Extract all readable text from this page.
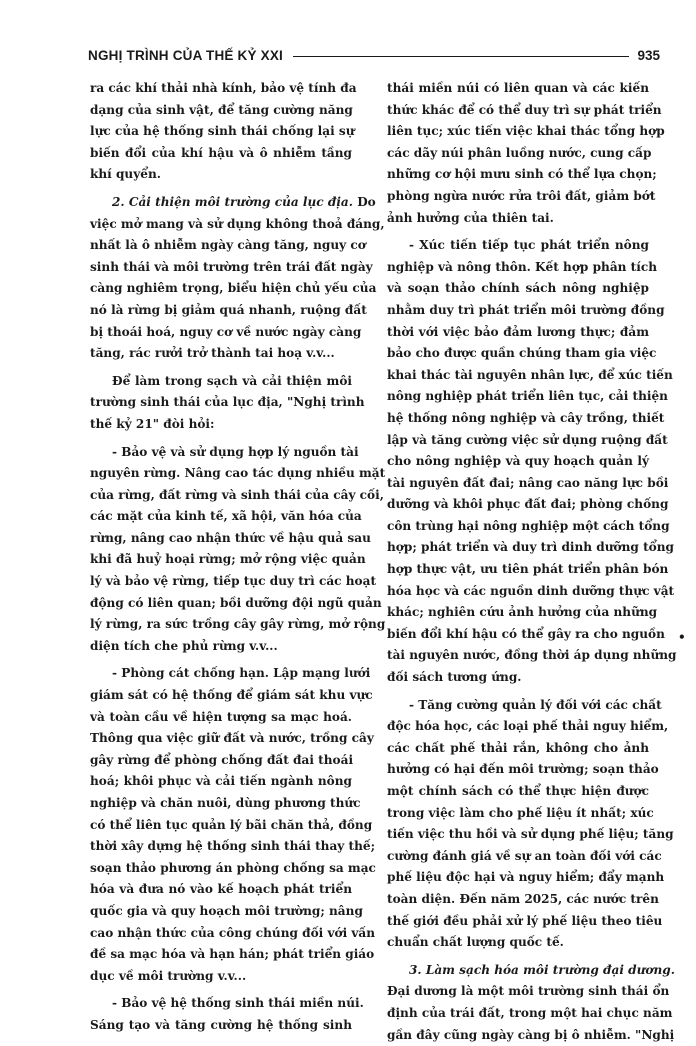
NGHỊ TRÌNH CỦA THẾ KỶ XXI	935
ra các khí thải nhà kính, bảo vệ tính đa
dạng của sinh vật, để tăng cường năng
lực của hệ thống sinh thái chống lại sự
biến đổi của khí hậu và ô nhiễm tầng
khí quyển.
2. Cải thiện môi trường của lục địa. Do
việc mở mang và sử dụng không thoả đáng,
nhất là ô nhiễm ngày càng tăng, nguy cơ
sinh thái và môi trường trên trái đất ngày
càng nghiêm trọng, biểu hiện chủ yếu của
nó là rừng bị giảm quá nhanh, ruộng đất
bị thoái hoá, nguy cơ về nước ngày càng
tăng, rác rưởi trở thành tai hoạ v.v...
Để làm trong sạch và cải thiện môi
trường sinh thái của lục địa, "Nghị trình
thế kỷ 21" đòi hỏi:
- Bảo vệ và sử dụng hợp lý nguồn tài
nguyên rừng. Nâng cao tác dụng nhiều mặt
của rừng, đất rừng và sinh thái của cây cối,
các mặt của kinh tế, xã hội, văn hóa của
rừng, nâng cao nhận thức về hậu quả sau
khi đã huỷ hoại rừng; mở rộng việc quản
lý và bảo vệ rừng, tiếp tục duy trì các hoạt
động có liên quan; bồi dưỡng đội ngũ quản
lý rừng, ra sức trồng cây gây rừng, mở rộng
diện tích che phủ rừng v.v...
- Phòng cát chống hạn. Lập mạng lưới
giám sát có hệ thống để giám sát khu vực
và toàn cầu về hiện tượng sa mạc hoá.
Thông qua việc giữ đất và nước, trồng cây
gây rừng để phòng chống đất đai thoái
hoá; khôi phục và cải tiến ngành nông
nghiệp và chăn nuôi, dùng phương thức
có thể liên tục quản lý bãi chăn thả, đồng
thời xây dựng hệ thống sinh thái thay thế;
soạn thảo phương án phòng chống sa mạc
hóa và đưa nó vào kế hoạch phát triển
quốc gia và quy hoạch môi trường; nâng
cao nhận thức của công chúng đối với vấn
đề sa mạc hóa và hạn hán; phát triển giáo
dục về môi trường v.v...
- Bảo vệ hệ thống sinh thái miền núi.
Sáng tạo và tăng cường hệ thống sinh
thái miền núi có liên quan và các kiến
thức khác để có thể duy trì sự phát triển
liên tục; xúc tiến việc khai thác tổng hợp
các dãy núi phân luồng nước, cung cấp
những cơ hội mưu sinh có thể lựa chọn;
phòng ngừa nước rửa trôi đất, giảm bớt
ảnh hưởng của thiên tai.
- Xúc tiến tiếp tục phát triển nông
nghiệp và nông thôn. Kết hợp phân tích
và soạn thảo chính sách nông nghiệp
nhằm duy trì phát triển môi trường đồng
thời với việc bảo đảm lương thực; đảm
bảo cho được quần chúng tham gia việc
khai thác tài nguyên nhân lực, để xúc tiến
nông nghiệp phát triển liên tục, cải thiện
hệ thống nông nghiệp và cây trồng, thiết
lập và tăng cường việc sử dụng ruộng đất
cho nông nghiệp và quy hoạch quản lý
tài nguyên đất đai; nâng cao năng lực bồi
dưỡng và khôi phục đất đai; phòng chống
côn trùng hại nông nghiệp một cách tổng
hợp; phát triển và duy trì dinh dưỡng tổng
hợp thực vật, ưu tiên phát triển phân bón
hóa học và các nguồn dinh dưỡng thực vật
khác; nghiên cứu ảnh hưởng của những
biến đổi khí hậu có thể gây ra cho nguồn
tài nguyên nước, đồng thời áp dụng những
đối sách tương ứng.
- Tăng cường quản lý đối với các chất
độc hóa học, các loại phế thải nguy hiểm,
các chất phế thải rắn, không cho ảnh
hưởng có hại đến môi trường; soạn thảo
một chính sách có thể thực hiện được
trong việc làm cho phế liệu ít nhất; xúc
tiến việc thu hồi và sử dụng phế liệu; tăng
cường đánh giá về sự an toàn đối với các
phế liệu độc hại và nguy hiểm; đẩy mạnh
toàn diện. Đến năm 2025, các nước trên
thế giới đều phải xử lý phế liệu theo tiêu
chuẩn chất lượng quốc tế.
3. Làm sạch hóa môi trường đại dương.
Đại dương là một môi trường sinh thái ổn
định của trái đất, trong một hai chục năm
gần đây cũng ngày càng bị ô nhiễm. "Nghị
•
